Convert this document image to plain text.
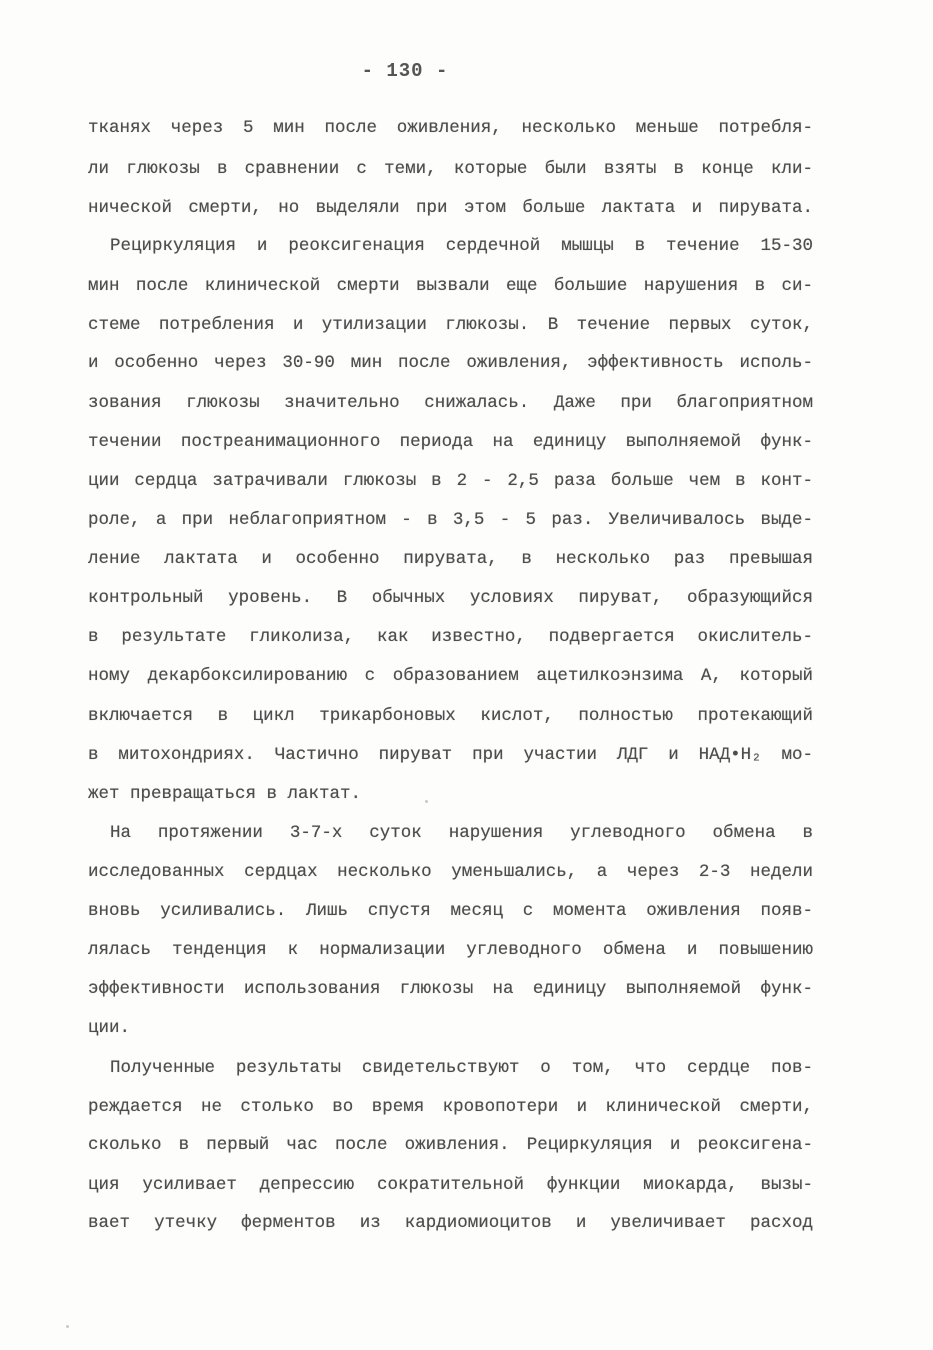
- 130 -
тканях через 5 мин после оживления, несколько меньше потребля-
ли глюкозы в сравнении с теми, которые были взяты в конце кли-
нической смерти, но выделяли при этом больше лактата и пирувата.
Рециркуляция и реоксигенация сердечной мышцы в течение 15-30
мин после клинической смерти вызвали еще большие нарушения в си-
стеме потребления и утилизации глюкозы. В течение первых суток,
и особенно через 30-90 мин после оживления, эффективность исполь-
зования глюкозы значительно снижалась. Даже при благоприятном
течении постреанимационного периода на единицу выполняемой функ-
ции сердца затрачивали глюкозы в 2 - 2,5 раза больше чем в конт-
роле, а при неблагоприятном - в 3,5 - 5 раз. Увеличивалось выде-
ление лактата и особенно пирувата, в несколько раз превышая
контрольный уровень. В обычных условиях пируват, образующийся
в результате гликолиза, как известно, подвергается окислитель-
ному декарбоксилированию с образованием ацетилкоэнзима А, который
включается в цикл трикарбоновых кислот, полностью протекающий
в митохондриях. Частично пируват при участии ЛДГ и НАД•Н₂ мо-
жет превращаться в лактат.
На протяжении 3-7-х суток нарушения углеводного обмена в
исследованных сердцах несколько уменьшались, а через 2-3 недели
вновь усиливались. Лишь спустя месяц с момента оживления появ-
лялась тенденция к нормализации углеводного обмена и повышению
эффективности использования глюкозы на единицу выполняемой функ-
ции.
Полученные результаты свидетельствуют о том, что сердце пов-
реждается не столько во время кровопотери и клинической смерти,
сколько в первый час после оживления. Рециркуляция и реоксигена-
ция усиливает депрессию сократительной функции миокарда, вызы-
вает утечку ферментов из кардиомиоцитов и увеличивает расход
